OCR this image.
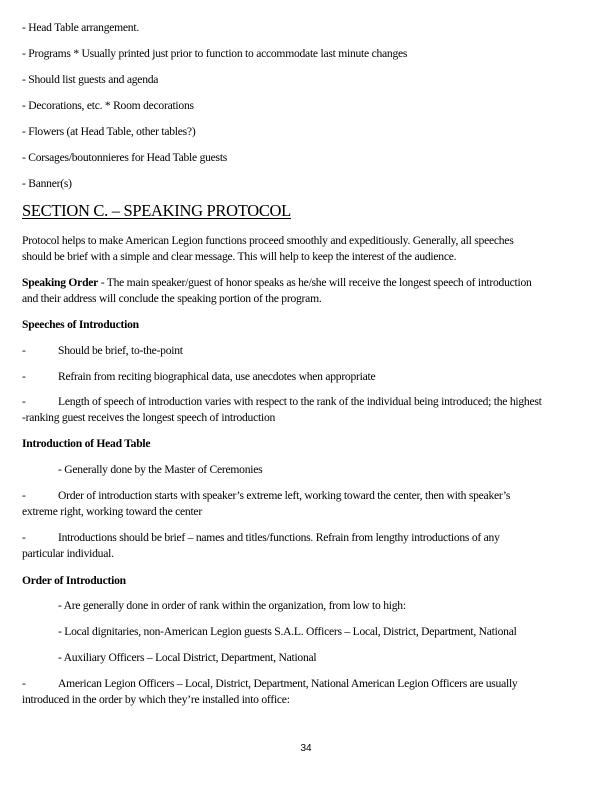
- Head Table arrangement.
- Programs * Usually printed just prior to function to accommodate last minute changes
- Should list guests and agenda
- Decorations, etc. * Room decorations
- Flowers (at Head Table, other tables?)
- Corsages/boutonnieres for Head Table guests
- Banner(s)
SECTION C. – SPEAKING PROTOCOL
Protocol helps to make American Legion functions proceed smoothly and expeditiously. Generally, all speeches
should be brief with a simple and clear message. This will help to keep the interest of the audience.
Speaking Order - The main speaker/guest of honor speaks as he/she will receive the longest speech of introduction
and their address will conclude the speaking portion of the program.
Speeches of Introduction
-	Should be brief, to-the-point
-	Refrain from reciting biographical data, use anecdotes when appropriate
-	Length of speech of introduction varies with respect to the rank of the individual being introduced; the highest
-ranking guest receives the longest speech of introduction
Introduction of Head Table
- Generally done by the Master of Ceremonies
-	Order of introduction starts with speaker’s extreme left, working toward the center, then with speaker’s
extreme right, working toward the center
-	Introductions should be brief – names and titles/functions. Refrain from lengthy introductions of any
particular individual.
Order of Introduction
- Are generally done in order of rank within the organization, from low to high:
- Local dignitaries, non-American Legion guests S.A.L. Officers – Local, District, Department, National
- Auxiliary Officers – Local District, Department, National
-	American Legion Officers – Local, District, Department, National American Legion Officers are usually
introduced in the order by which they’re installed into office:
34
